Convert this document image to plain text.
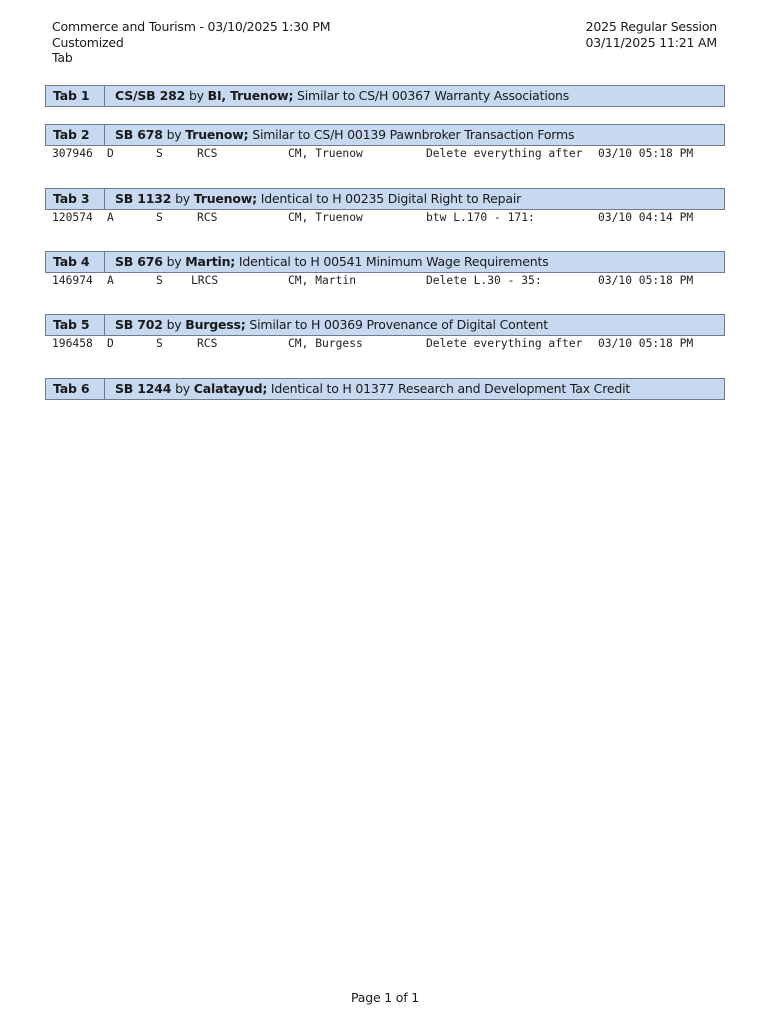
Commerce and Tourism - 03/10/2025 1:30 PM
Customized
Tab
2025 Regular Session
03/11/2025 11:21 AM
Tab 1	CS/SB 282 by BI, Truenow; Similar to CS/H 00367 Warranty Associations
Tab 2	SB 678 by Truenow; Similar to CS/H 00139 Pawnbroker Transaction Forms
307946 D	S	RCS	CM, Truenow	Delete everything after 03/10 05:18 PM
Tab 3	SB 1132 by Truenow; Identical to H 00235 Digital Right to Repair
120574 A	S	RCS	CM, Truenow	btw L.170 - 171:	03/10 04:14 PM
Tab 4	SB 676 by Martin; Identical to H 00541 Minimum Wage Requirements
146974 A	S LRCS	CM, Martin	Delete L.30 - 35:	03/10 05:18 PM
Tab 5	SB 702 by Burgess; Similar to H 00369 Provenance of Digital Content
196458 D	S	RCS	CM, Burgess	Delete everything after 03/10 05:18 PM
Tab 6	SB 1244 by Calatayud; Identical to H 01377 Research and Development Tax Credit
Page 1 of 1
